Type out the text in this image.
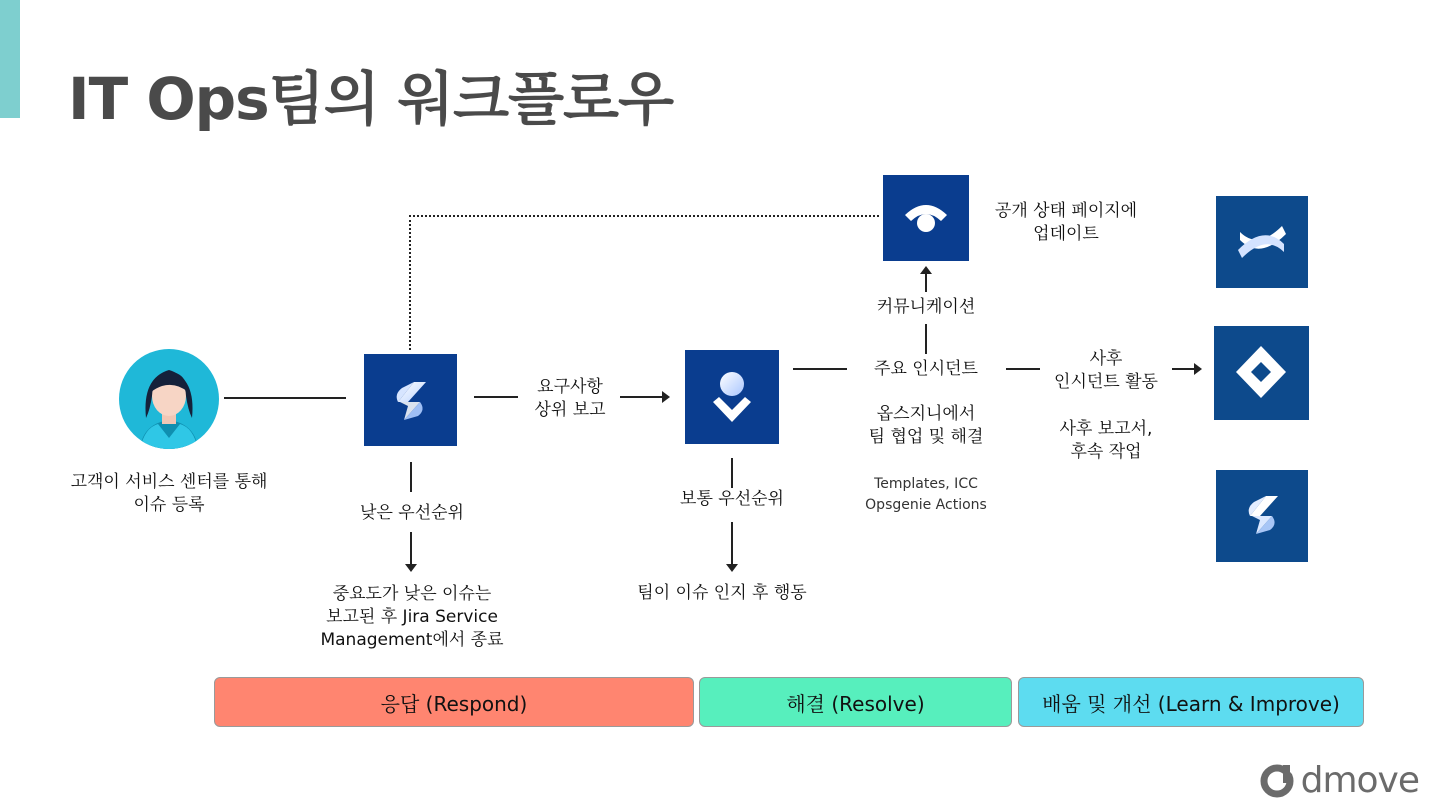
IT Ops팀의 워크플로우
고객이 서비스 센터를 통해
이슈 등록	낮은 우선순위
중요도가 낮은 이슈는
보고된 후 Jira Service
Management에서 종료
요구사항
상위 보고
보통 우선순위
팀이 이슈 인지 후 행동
주요 인시던트
커뮤니케이션
공개 상태 페이지에
업데이트
옵스지니에서
팀 협업 및 해결
Templates, ICC
Opsgenie Actions
사후
인시던트 활동
사후 보고서,
후속 작업
응답 (Respond)	해결 (Resolve)	배움 및 개선 (Learn & Improve)
dmove
